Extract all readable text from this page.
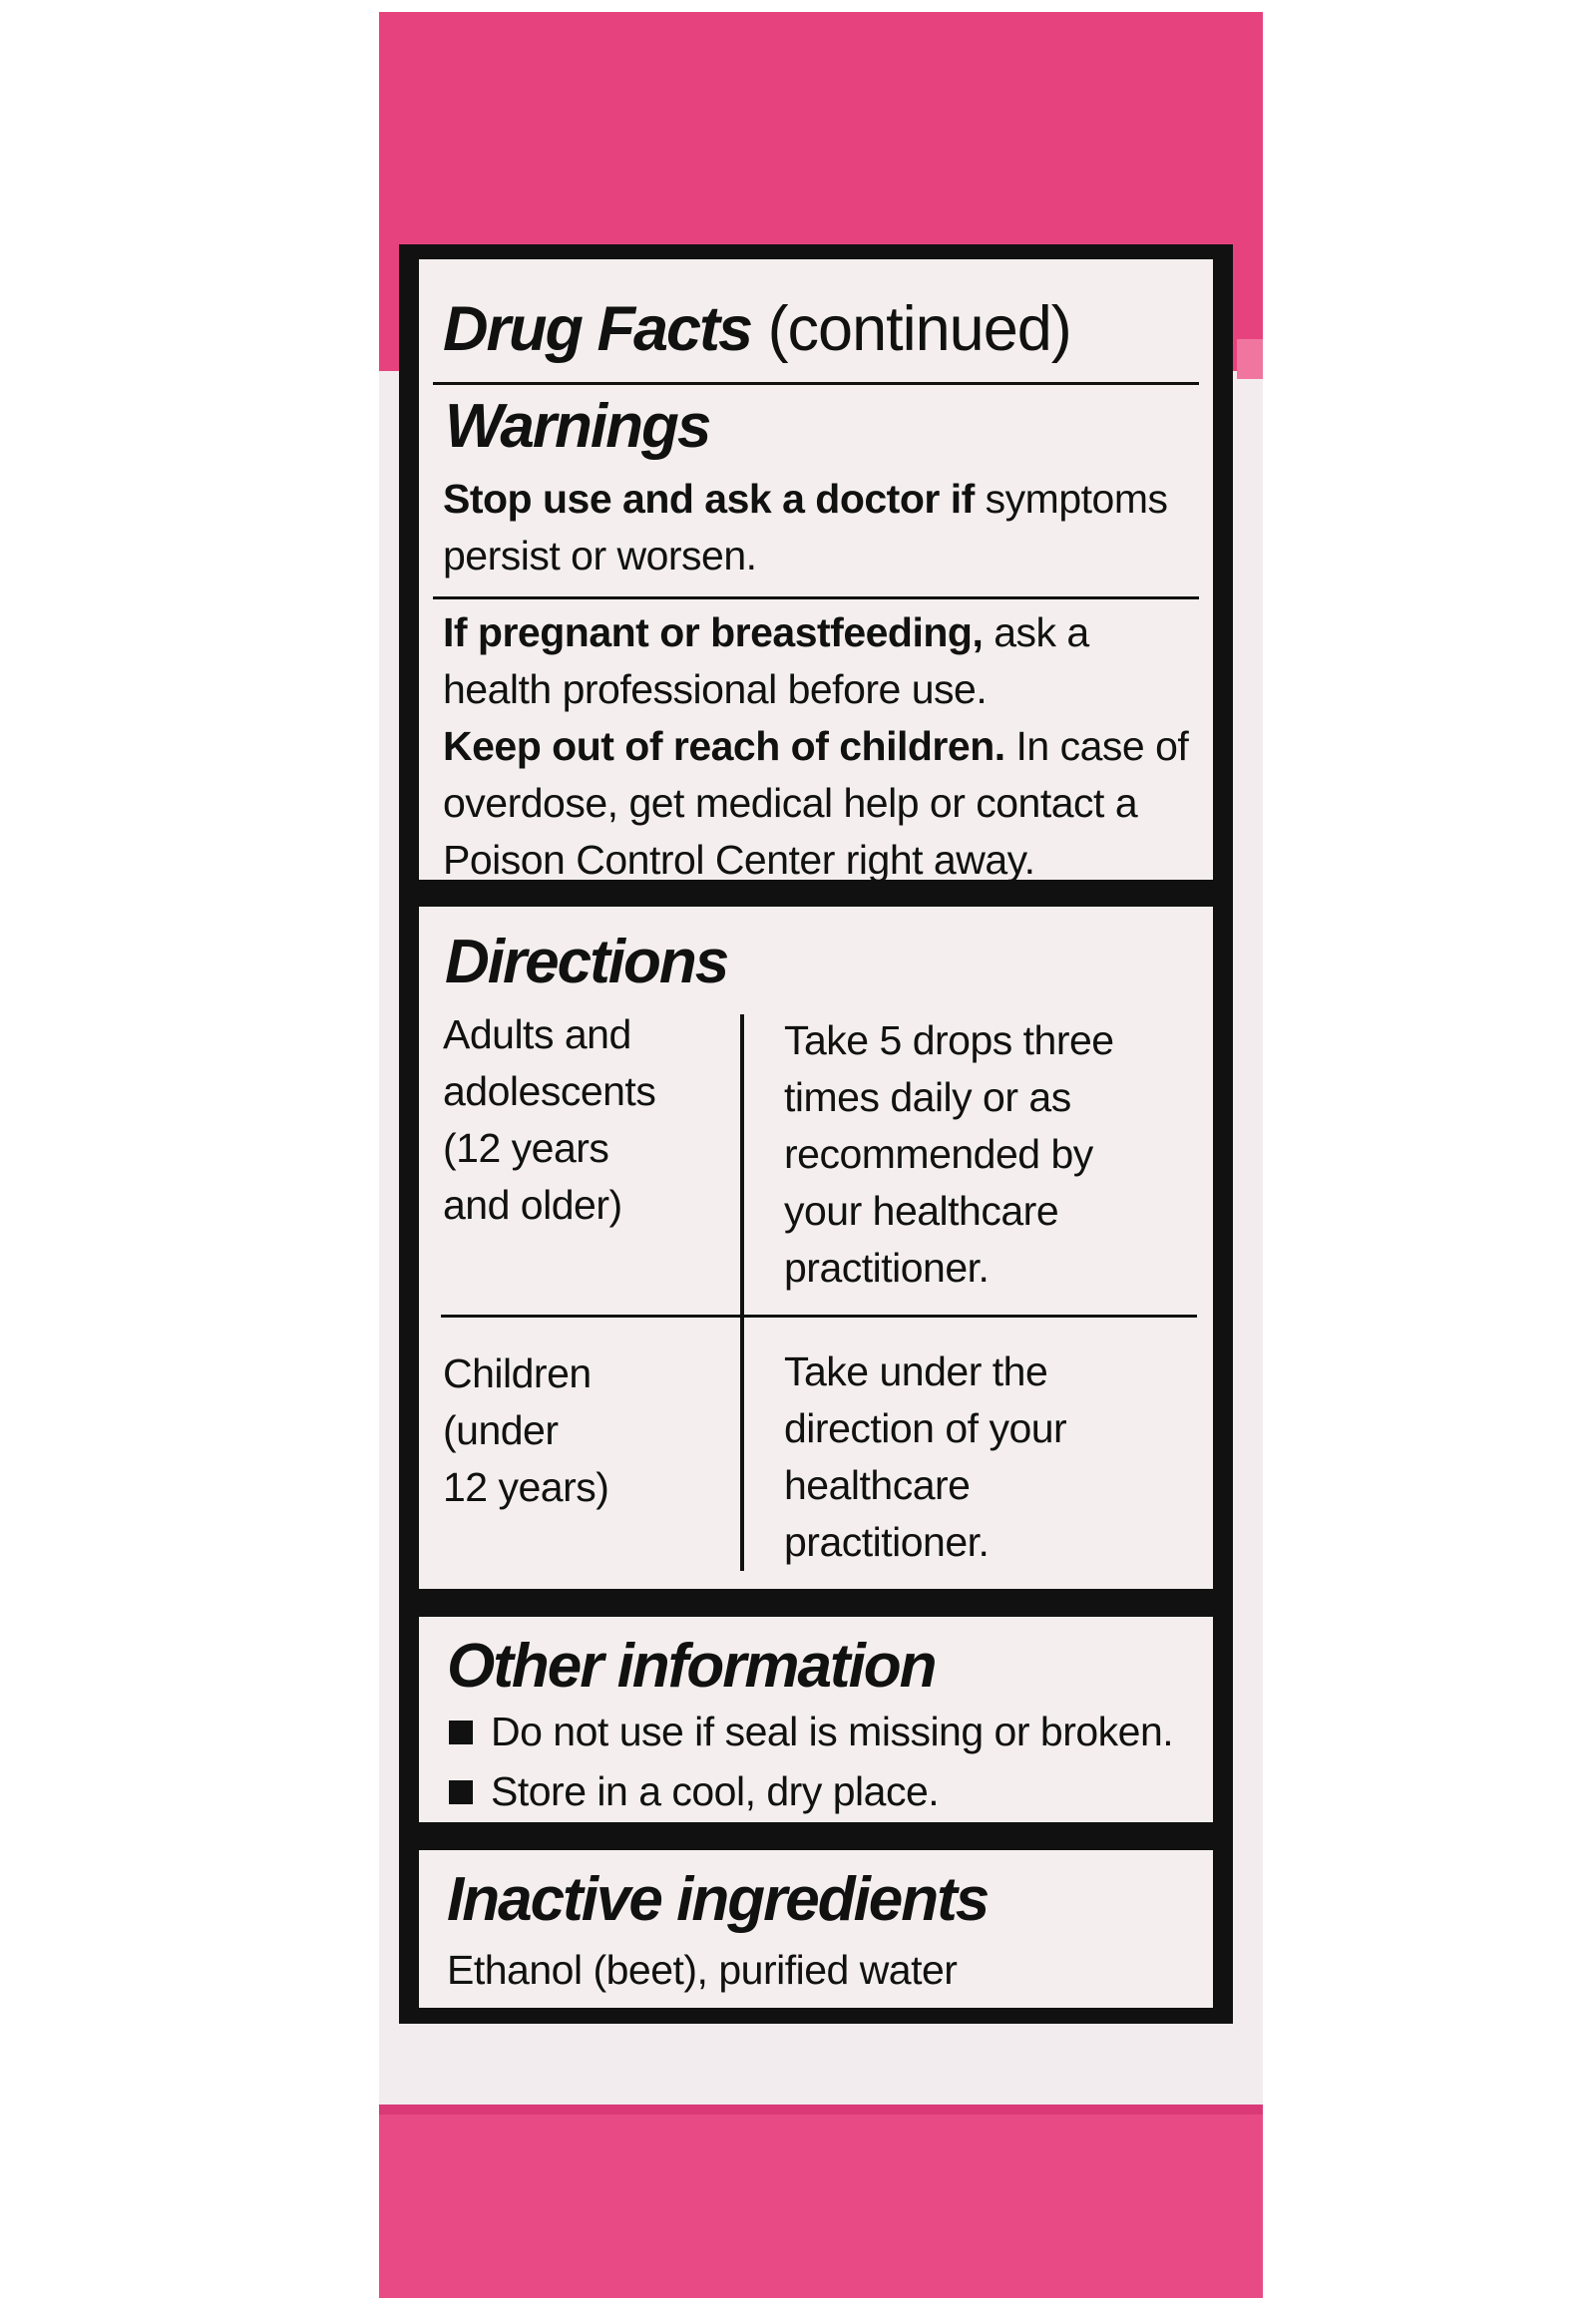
Drug Facts (continued)
Warnings

Stop use and ask a doctor if symptoms persist or worsen.

If pregnant or breastfeeding, ask a health professional before use.

Keep out of reach of children. In case of overdose, get medical help or contact a Poison Control Center right away.

Directions

Adults and
adolescents
(12 years
and older)

Take 5 drops three
times daily or as
recommended by
your healthcare
practitioner.

Children
(under
12 years)

Take under the
direction of your
healthcare
practitioner.

Other information
Do not use if seal is missing or broken.
Store in a cool, dry place.
Inactive ingredients

Ethanol (beet), purified water
